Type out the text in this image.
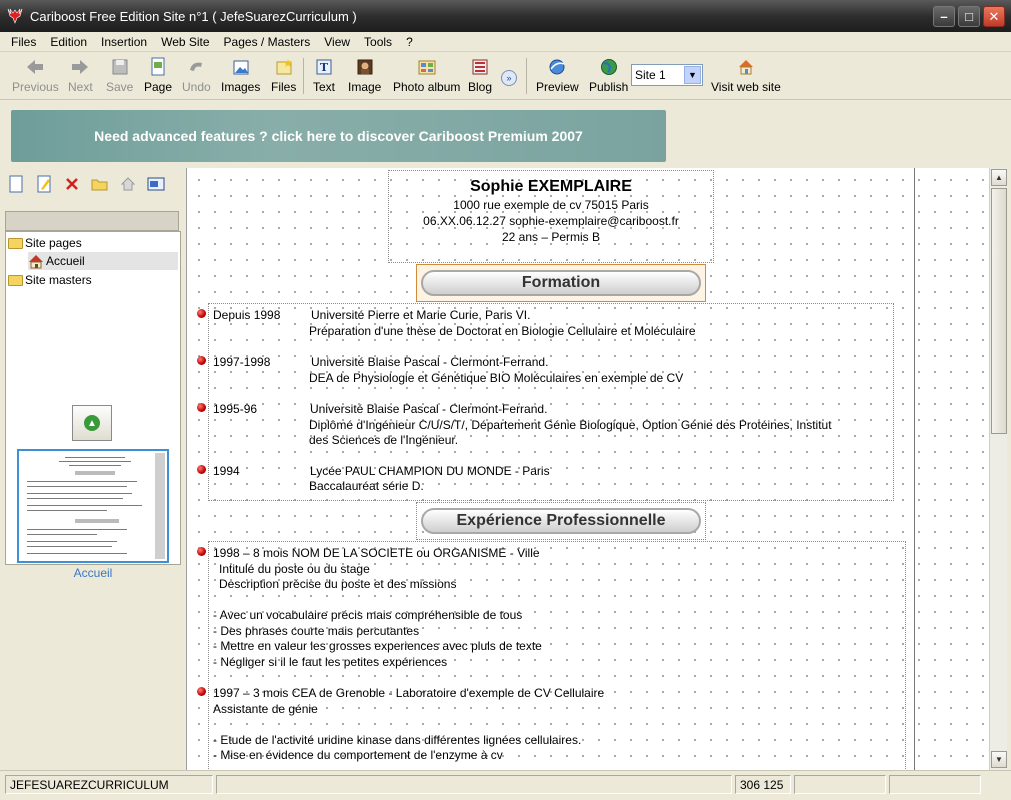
Cariboost Free Edition Site n°1 ( JefeSuarezCurriculum )	–	□	✕
Files	Edition	Insertion	Web Site	Pages / Masters	View	Tools	?
Previous Next Save Page Undo Images Files
T
Text Image Photo album Blog
»
Preview Publish
Site 1	▼
Visit web site
Need advanced features ? click here to discover Cariboost Premium 2007
Site pages
Accueil
Site masters
▲
Accueil
Sophie EXEMPLAIRE
1000 rue exemple de cv 75015 Paris
06.XX.06.12.27 sophie-exemplaire@cariboost.fr
22 ans – Permis B
Formation
Depuis 1998	Université Pierre et Marie Curie, Paris VI.
Préparation d'une thèse de Doctorat en Biologie Cellulaire et Moléculaire
1997-1998	Université Blaise Pascal - Clermont-Ferrand.
DEA de Physiologie et Génétique BIO Moléculaires en exemple de CV
1995-96	Université Blaise Pascal - Clermont-Ferrand.
Diplômé d'Ingénieur C/U/S/T/, Département Génie Biologique, Option Génie des Protéines, Institut
des Sciences de l'Ingénieur.
1994	Lycée PAUL CHAMPION DU MONDE - Paris
Baccalauréat série D.
Expérience Professionnelle
1998 – 8 mois NOM DE LA SOCIETE ou ORGANISME - Ville
Intitulé du poste ou du stage
Description précise du poste et des missions
- Avec un vocabulaire précis mais compréhensible de tous
- Des phrases courte mais percutantes
- Mettre en valeur les grosses experiences avec pluls de texte
- Négliger si il le faut les petites expériences
1997 – 3 mois CEA de Grenoble - Laboratoire d'exemple de CV Cellulaire
Assistante de génie
- Etude de l'activité uridine kinase dans différentes lignées cellulaires.
- Mise en évidence du comportement de l'enzyme à cv
▲
▼
JEFESUAREZCURRICULUM	306 125
